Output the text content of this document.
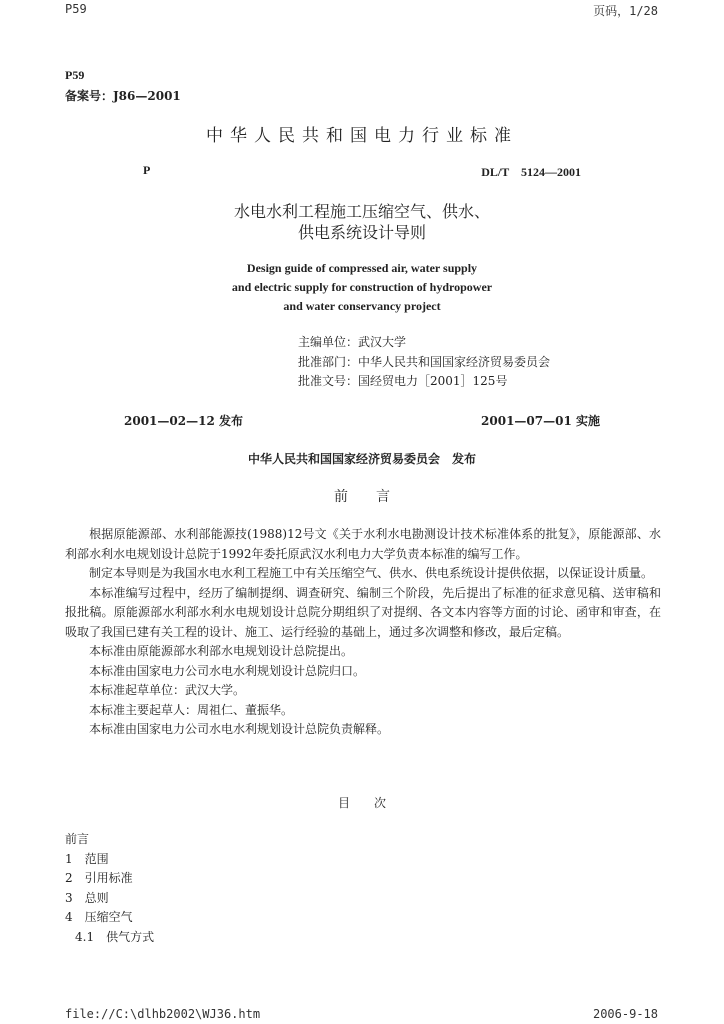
P59	页码，1/28
P59
备案号：J86—2001
中华人民共和国电力行业标准
P	DL/T　5124—2001
水电水利工程施工压缩空气、供水、
供电系统设计导则
Design guide of compressed air, water supply
and electric supply for construction of hydropower
and water conservancy project
主编单位：武汉大学
批准部门：中华人民共和国国家经济贸易委员会
批准文号：国经贸电力［2001］125号
2001—02—12 发布	2001—07—01 实施
中华人民共和国国家经济贸易委员会　发布
前　　言
根据原能源部、水利部能源技(1988)12号文《关于水利水电勘测设计技术标准体系的批复》，原能源部、水利部水利水电规划设计总院于1992年委托原武汉水利电力大学负责本标准的编写工作。
制定本导则是为我国水电水利工程施工中有关压缩空气、供水、供电系统设计提供依据，以保证设计质量。
本标准编写过程中，经历了编制提纲、调查研究、编制三个阶段，先后提出了标准的征求意见稿、送审稿和报批稿。原能源部水利部水利水电规划设计总院分期组织了对提纲、各文本内容等方面的讨论、函审和审查，在吸取了我国已建有关工程的设计、施工、运行经验的基础上，通过多次调整和修改，最后定稿。
本标准由原能源部水利部水电规划设计总院提出。
本标准由国家电力公司水电水利规划设计总院归口。
本标准起草单位：武汉大学。
本标准主要起草人：周祖仁、董振华。
本标准由国家电力公司水电水利规划设计总院负责解释。
目　　次
前言
1　范围
2　引用标准
3　总则
4　压缩空气
4.1　供气方式
file://C:\dlhb2002\WJ36.htm	2006-9-18
